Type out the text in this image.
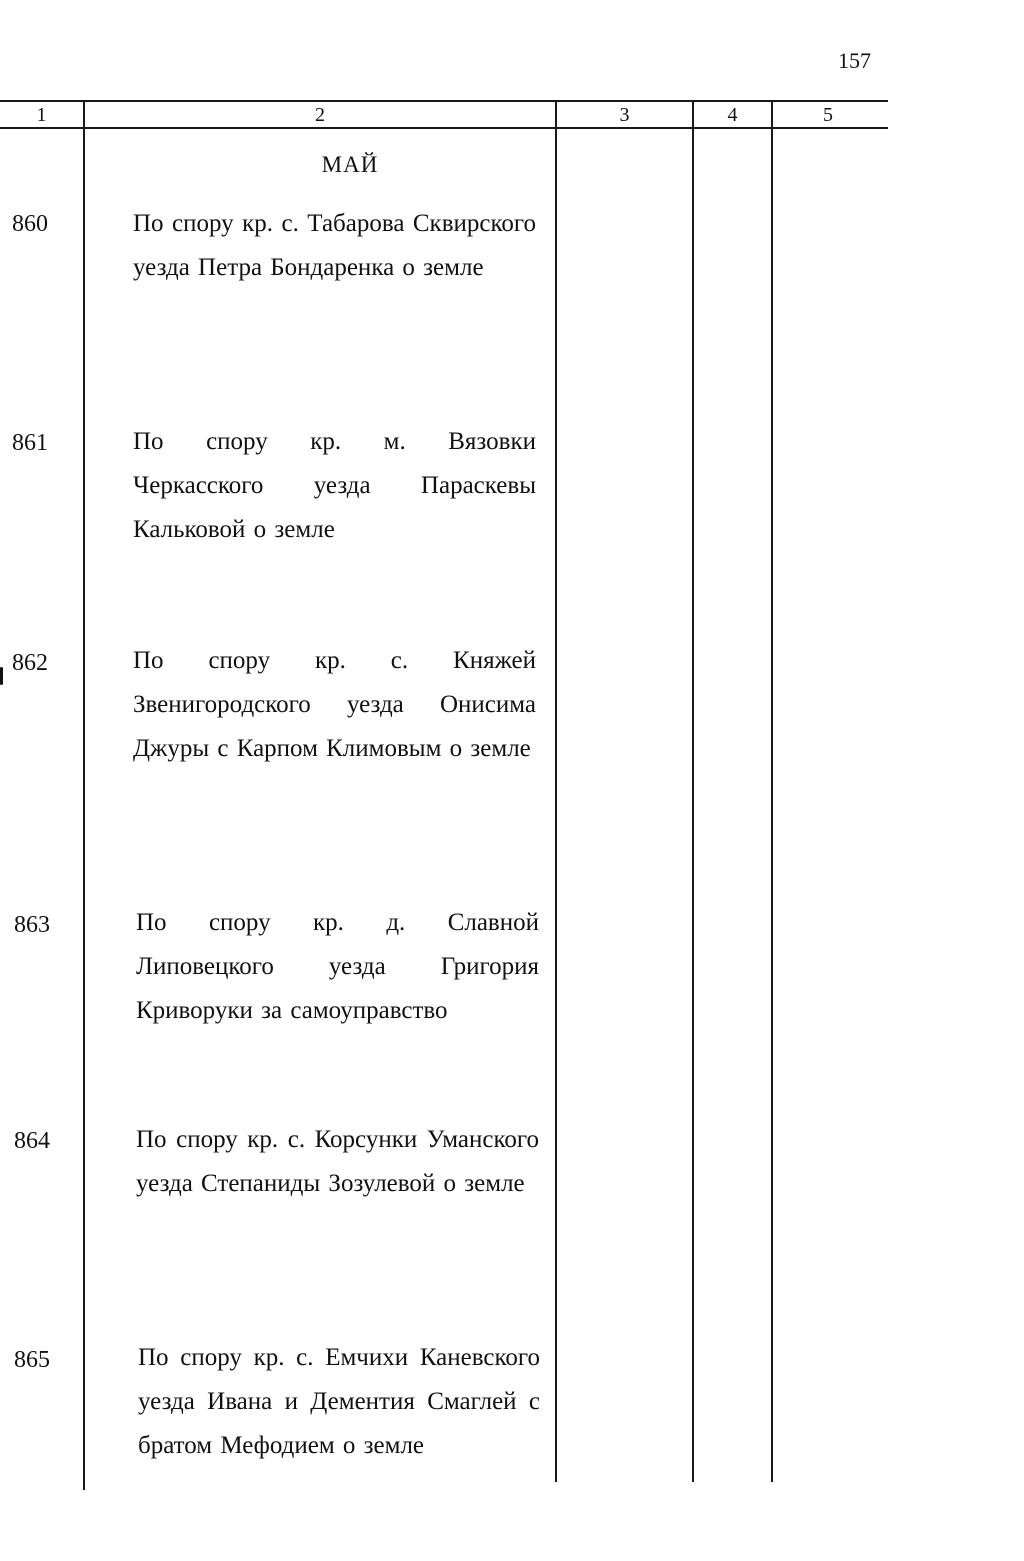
157
1	2	3	4	5
МАЙ
860	По спору кр. с. Табарова Сквирского уезда Петра Бондаренка о земле
861	По спору кр. м. Вязовки Черкасского уезда Параскевы Кальковой о земле
862	По спору кр. с. Княжей Звенигородского уезда Онисима Джуры с Карпом Климовым о земле
863	По спору кр. д. Славной Липовецкого уезда Григория Криворуки за самоуправство
864	По спору кр. с. Корсунки Уманского уезда Степаниды Зозулевой о земле
865	По спору кр. с. Емчихи Каневского уезда Ивана и Дементия Смаглей с братом Мефодием о земле
